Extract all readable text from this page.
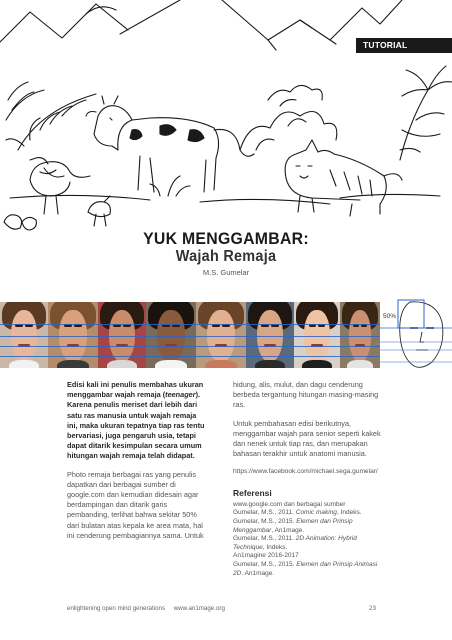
TUTORIAL
YUK MENGGAMBAR:
Wajah Remaja
M.S. Gumelar
50%

Edisi kali ini penulis membahas ukuran menggambar wajah remaja (teenager). Karena penulis meriset dari lebih dari satu ras manusia untuk wajah remaja ini, maka ukuran tepatnya tiap ras tentu bervariasi, juga pengaruh usia, tetapi dapat ditarik kesimpulan secara umum hitungan wajah remaja telah didapat.

Photo remaja berbagai ras yang penulis dapatkan dari berbagai sumber di google.com dan kemudian didesain agar berdampingan dan ditarik garis pembanding, terlihat bahwa sekitar 50% dari bulatan atas kepala ke area mata, hal ini cenderung pembagiannya sama. Untuk

hidung, alis, mulut, dan dagu cenderung berbeda tergantung hitungan masing-masing ras.

Untuk pembahasan edisi berikutnya, menggambar wajah para senior seperti kakek dan nenek untuk tiap ras, dan merupakan bahasan terakhir untuk anatomi manusia.

https://www.facebook.com/michael.sega.gumelar/

Referensi
www.google.com dan berbagai sumber
Gumelar, M.S., 2011. Comic making, Indeks.
Gumelar, M.S., 2015. Elemen dan Prinsip Menggambar, An1mage.
Gumelar, M.S., 2011. 2D Animation: Hybrid Technique, Indeks.
An1magine 2016-2017
Gumelar, M.S., 2015. Elemen dan Prinsip Animasi 2D. An1mage.
enlightening open mind generations www.an1mage.org	23
